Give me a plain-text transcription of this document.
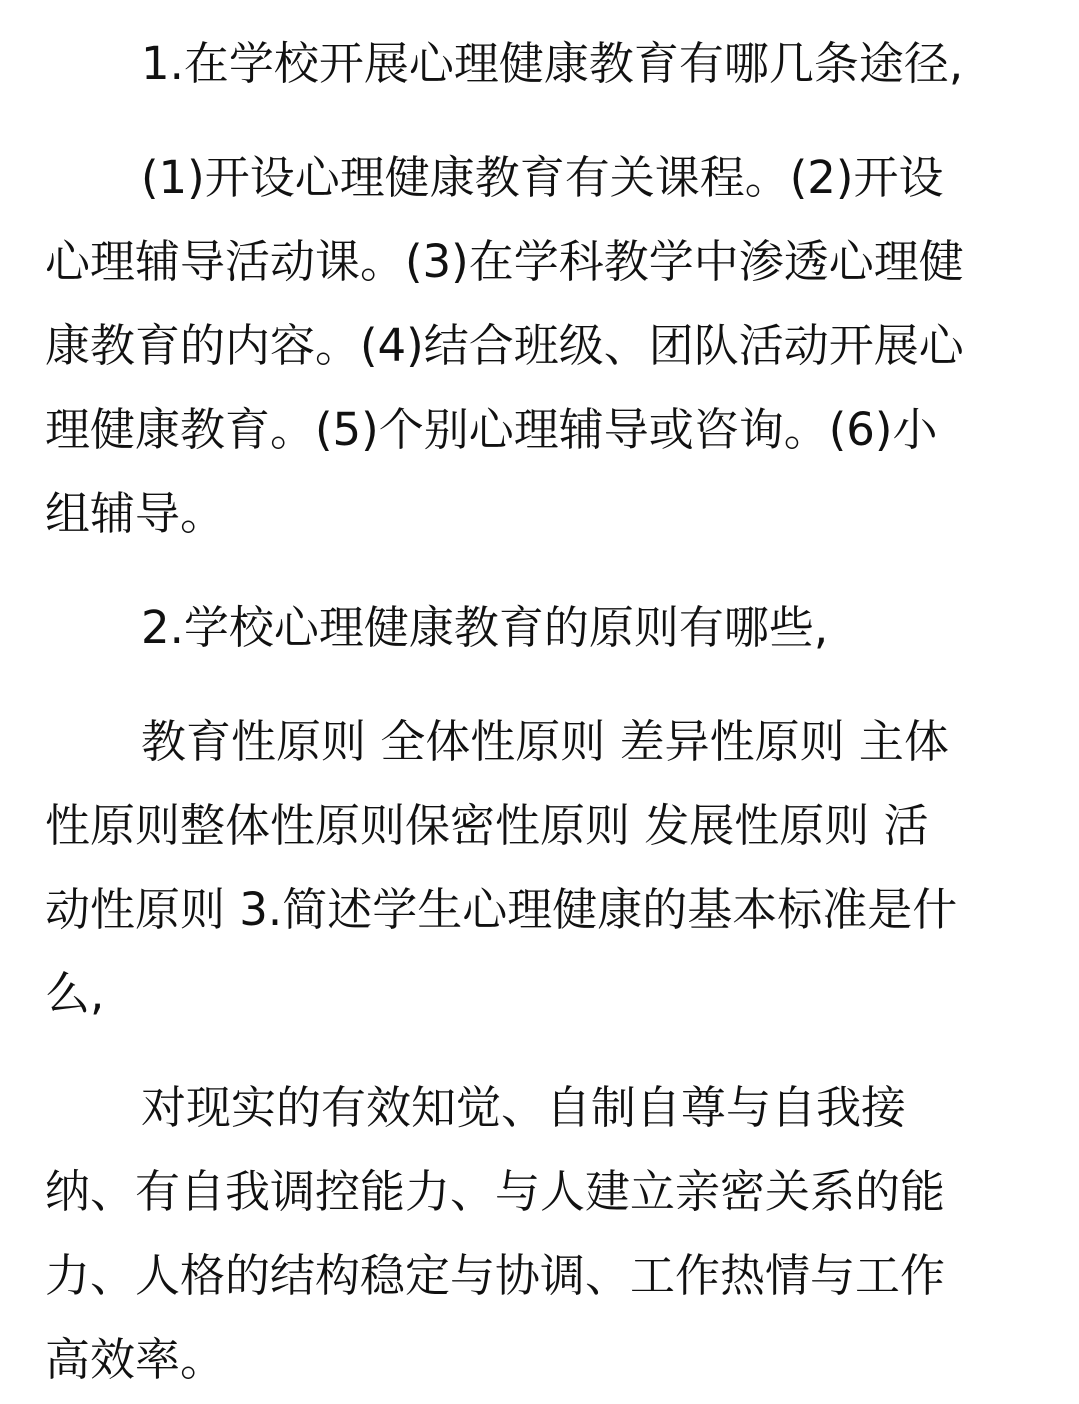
1.在学校开展心理健康教育有哪几条途径,
(1)开设心理健康教育有关课程。(2)开设
心理辅导活动课。(3)在学科教学中渗透心理健
康教育的内容。(4)结合班级、团队活动开展心
理健康教育。(5)个别心理辅导或咨询。(6)小
组辅导。
2.学校心理健康教育的原则有哪些,
教育性原则 全体性原则 差异性原则 主体
性原则整体性原则保密性原则 发展性原则 活
动性原则 3.简述学生心理健康的基本标准是什
么,
对现实的有效知觉、自制自尊与自我接
纳、有自我调控能力、与人建立亲密关系的能
力、人格的结构稳定与协调、工作热情与工作
高效率。
